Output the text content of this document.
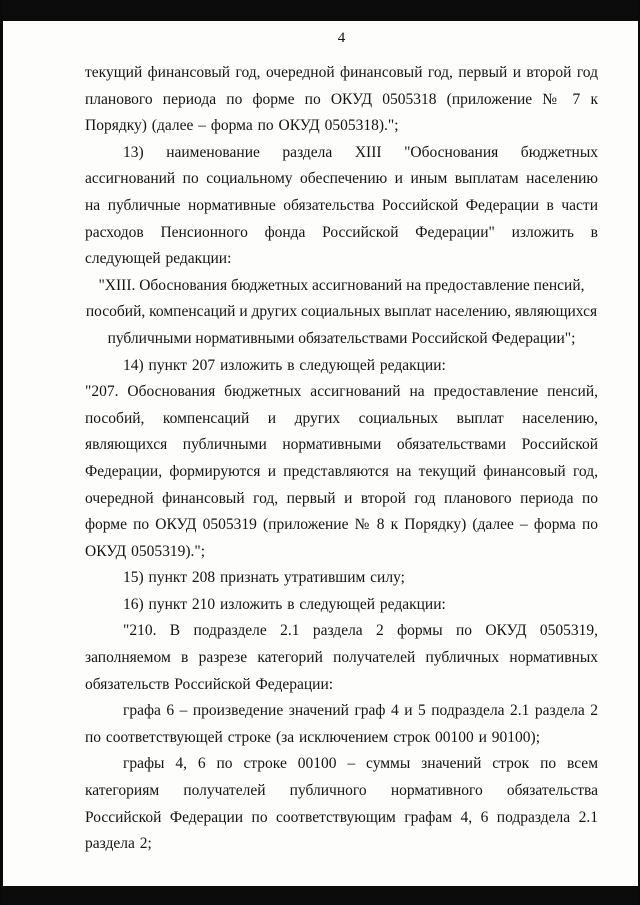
4

текущий финансовый год, очередной финансовый год, первый и второй год планового периода по форме по ОКУД 0505318 (приложение № 7 к Порядку) (далее – форма по ОКУД 0505318).";

13) наименование раздела XIII "Обоснования бюджетных ассигнований по социальному обеспечению и иным выплатам населению на публичные нормативные обязательства Российской Федерации в части расходов Пенсионного фонда Российской Федерации" изложить в следующей редакции:

"XIII. Обоснования бюджетных ассигнований на предоставление пенсий, пособий, компенсаций и других социальных выплат населению, являющихся публичными нормативными обязательствами Российской Федерации";

14) пункт 207 изложить в следующей редакции:

"207. Обоснования бюджетных ассигнований на предоставление пенсий, пособий, компенсаций и других социальных выплат населению, являющихся публичными нормативными обязательствами Российской Федерации, формируются и представляются на текущий финансовый год, очередной финансовый год, первый и второй год планового периода по форме по ОКУД 0505319 (приложение № 8 к Порядку) (далее – форма по ОКУД 0505319).";

15) пункт 208 признать утратившим силу;

16) пункт 210 изложить в следующей редакции:

"210. В подразделе 2.1 раздела 2 формы по ОКУД 0505319, заполняемом в разрезе категорий получателей публичных нормативных обязательств Российской Федерации:

графа 6 – произведение значений граф 4 и 5 подраздела 2.1 раздела 2 по соответствующей строке (за исключением строк 00100 и 90100);

графы 4, 6 по строке 00100 – суммы значений строк по всем категориям получателей публичного нормативного обязательства Российской Федерации по соответствующим графам 4, 6 подраздела 2.1 раздела 2;
